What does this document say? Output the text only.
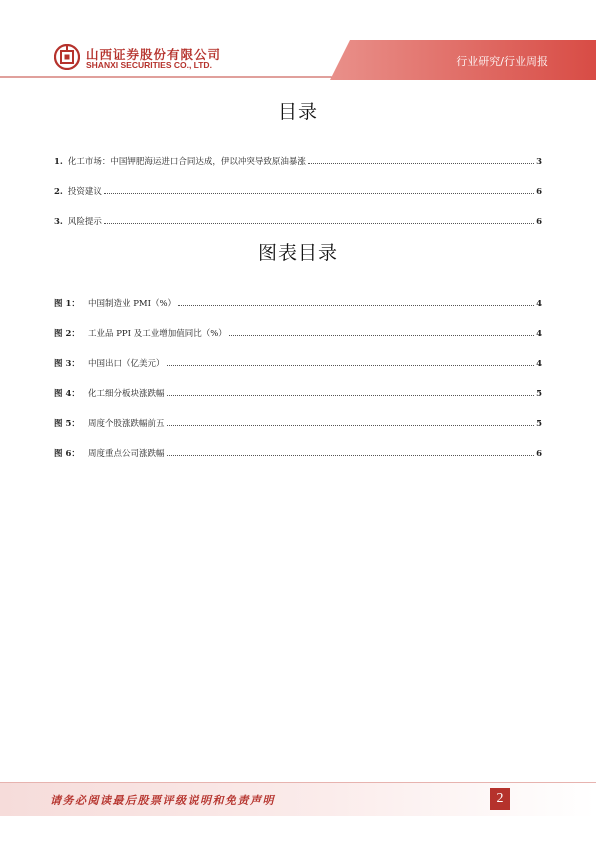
山西证券股份有限公司
SHANXI SECURITIES CO., LTD.	行业研究/行业周报
目录
1. 化工市场：中国钾肥海运进口合同达成，伊以冲突导致原油暴涨	3
2. 投资建议	6
3. 风险提示	6
图表目录
图 1： 中国制造业 PMI（%）	4
图 2： 工业品 PPI 及工业增加值同比（%）	4
图 3： 中国出口（亿美元）	4
图 4： 化工细分板块涨跌幅	5
图 5： 周度个股涨跌幅前五	5
图 6： 周度重点公司涨跌幅	6
请务必阅读最后股票评级说明和免责声明	2
